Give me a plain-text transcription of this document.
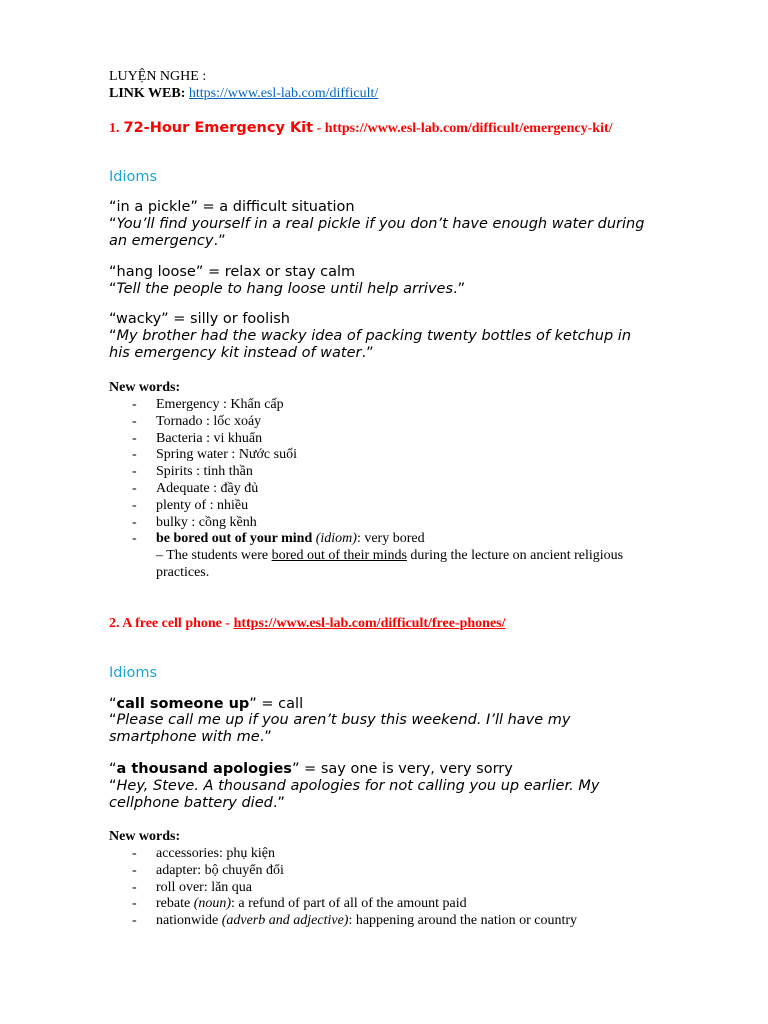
LUYỆN NGHE :
LINK WEB: https://www.esl-lab.com/difficult/
1. 72-Hour Emergency Kit - https://www.esl-lab.com/difficult/emergency-kit/
Idioms
“in a pickle” = a difficult situation
“You’ll find yourself in a real pickle if you don’t have enough water during
an emergency.”
“hang loose” = relax or stay calm
“Tell the people to hang loose until help arrives.”
“wacky” = silly or foolish
“My brother had the wacky idea of packing twenty bottles of ketchup in
his emergency kit instead of water.”
New words:
- Emergency : Khẩn cấp
- Tornado : lốc xoáy
- Bacteria : vi khuẩn
- Spring water : Nước suối
- Spirits : tinh thần
- Adequate : đầy đủ
- plenty of : nhiều
- bulky : cồng kềnh
- be bored out of your mind (idiom): very bored
– The students were bored out of their minds during the lecture on ancient religious
practices.
2. A free cell phone - https://www.esl-lab.com/difficult/free-phones/
Idioms
“call someone up” = call
“Please call me up if you aren’t busy this weekend. I’ll have my
smartphone with me.”
“a thousand apologies” = say one is very, very sorry
“Hey, Steve. A thousand apologies for not calling you up earlier. My
cellphone battery died.”
New words:
- accessories: phụ kiện
- adapter: bộ chuyển đổi
- roll over: lăn qua
- rebate (noun): a refund of part of all of the amount paid
- nationwide (adverb and adjective): happening around the nation or country
